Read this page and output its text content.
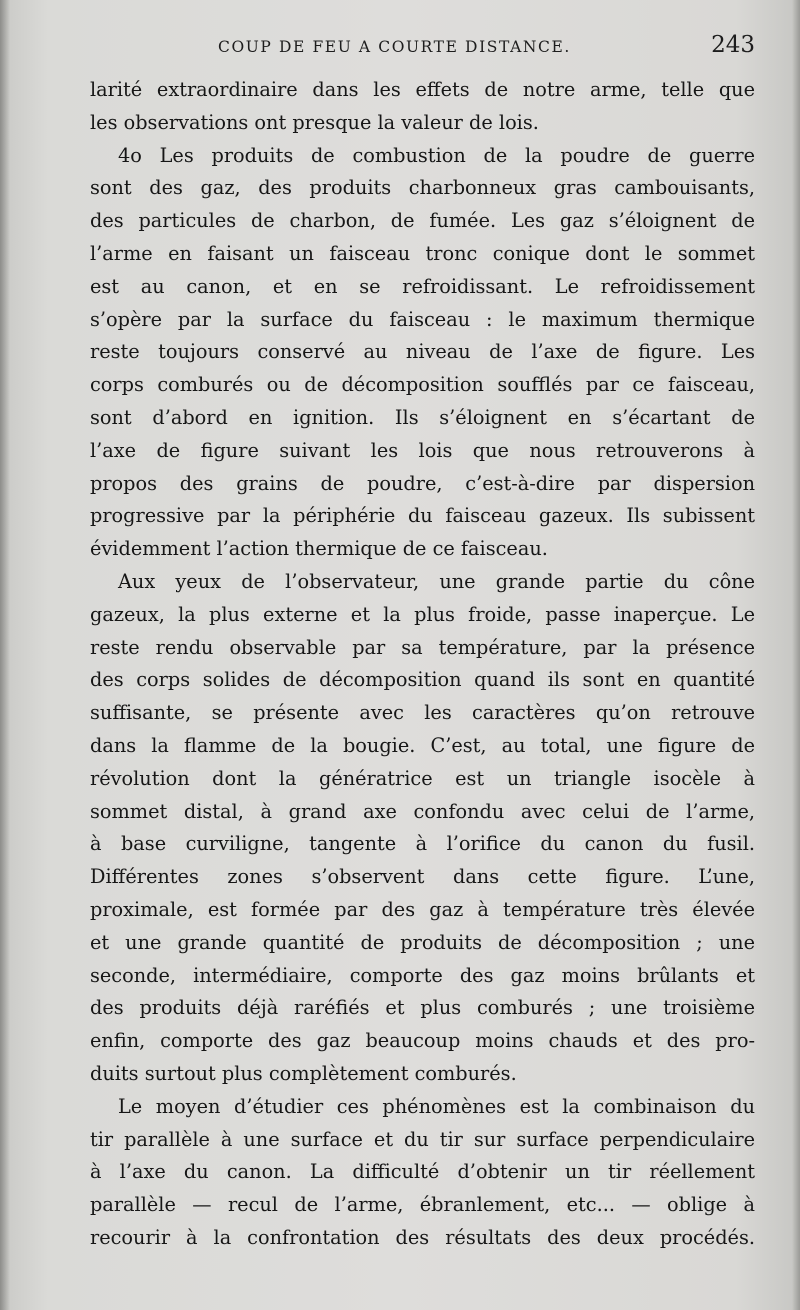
COUP DE FEU A COURTE DISTANCE.	243
larité extraordinaire dans les effets de notre arme, telle que
les observations ont presque la valeur de lois.
4o Les produits de combustion de la poudre de guerre
sont des gaz, des produits charbonneux gras cambouisants,
des particules de charbon, de fumée. Les gaz s’éloignent de
l’arme en faisant un faisceau tronc conique dont le sommet
est au canon, et en se refroidissant. Le refroidissement
s’opère par la surface du faisceau : le maximum thermique
reste toujours conservé au niveau de l’axe de figure. Les
corps comburés ou de décomposition soufflés par ce faisceau,
sont d’abord en ignition. Ils s’éloignent en s’écartant de
l’axe de figure suivant les lois que nous retrouverons à
propos des grains de poudre, c’est-à-dire par dispersion
progressive par la périphérie du faisceau gazeux. Ils subissent
évidemment l’action thermique de ce faisceau.
Aux yeux de l’observateur, une grande partie du cône
gazeux, la plus externe et la plus froide, passe inaperçue. Le
reste rendu observable par sa température, par la présence
des corps solides de décomposition quand ils sont en quantité
suffisante, se présente avec les caractères qu’on retrouve
dans la flamme de la bougie. C’est, au total, une figure de
révolution dont la génératrice est un triangle isocèle à
sommet distal, à grand axe confondu avec celui de l’arme,
à base curviligne, tangente à l’orifice du canon du fusil.
Différentes zones s’observent dans cette figure. L’une,
proximale, est formée par des gaz à température très élevée
et une grande quantité de produits de décomposition ; une
seconde, intermédiaire, comporte des gaz moins brûlants et
des produits déjà raréfiés et plus comburés ; une troisième
enfin, comporte des gaz beaucoup moins chauds et des pro-
duits surtout plus complètement comburés.
Le moyen d’étudier ces phénomènes est la combinaison du
tir parallèle à une surface et du tir sur surface perpendiculaire
à l’axe du canon. La difficulté d’obtenir un tir réellement
parallèle — recul de l’arme, ébranlement, etc... — oblige à
recourir à la confrontation des résultats des deux procédés.
